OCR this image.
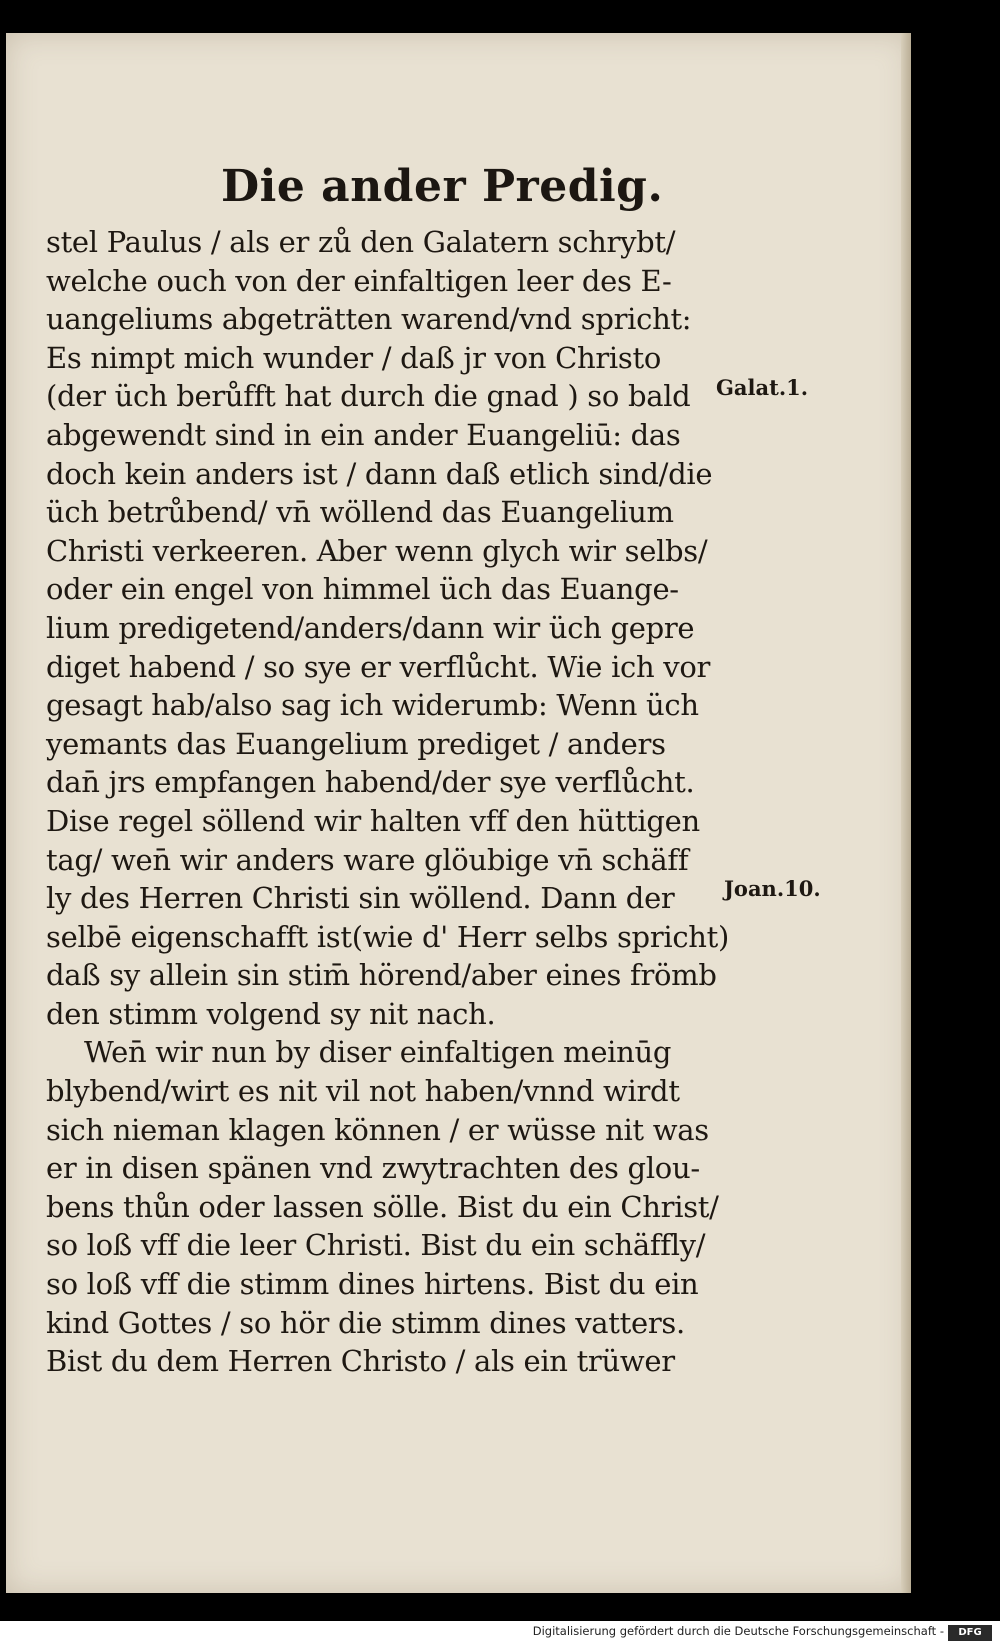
Die ander Predig.
stel Paulus / als er zů den Galatern schrybt/
welche ouch von der einfaltigen leer des E-
uangeliums abgeträtten warend/vnd spricht:
Es nimpt mich wunder / daß jr von Christo
(der üch berůfft hat durch die gnad ) so bald
abgewendt sind in ein ander Euangeliū: das
doch kein anders ist / dann daß etlich sind/die
üch betrůbend/ vn̄ wöllend das Euangelium
Christi verkeeren. Aber wenn glych wir selbs/
oder ein engel von himmel üch das Euange-
lium predigetend/anders/dann wir üch gepre
diget habend / so sye er verflůcht. Wie ich vor
gesagt hab/also sag ich widerumb: Wenn üch
yemants das Euangelium prediget / anders
dan̄ jrs empfangen habend/der sye verflůcht.
Dise regel söllend wir halten vff den hüttigen
tag/ wen̄ wir anders ware glöubige vn̄ schäff
ly des Herren Christi sin wöllend. Dann der
selbē eigenschafft ist(wie d' Herr selbs spricht)
daß sy allein sin stim̄ hörend/aber eines frömb
den stimm volgend sy nit nach.
Wen̄ wir nun by diser einfaltigen meinūg
blybend/wirt es nit vil not haben/vnnd wirdt
sich nieman klagen können / er wüsse nit was
er in disen spänen vnd zwytrachten des glou-
bens thůn oder lassen sölle. Bist du ein Christ/
so loß vff die leer Christi. Bist du ein schäffly/
so loß vff die stimm dines hirtens. Bist du ein
kind Gottes / so hör die stimm dines vatters.
Bist du dem Herren Christo / als ein trüwer
Galat.1.
Joan.10.
Digitalisierung gefördert durch die Deutsche Forschungsgemeinschaft -	DFG
